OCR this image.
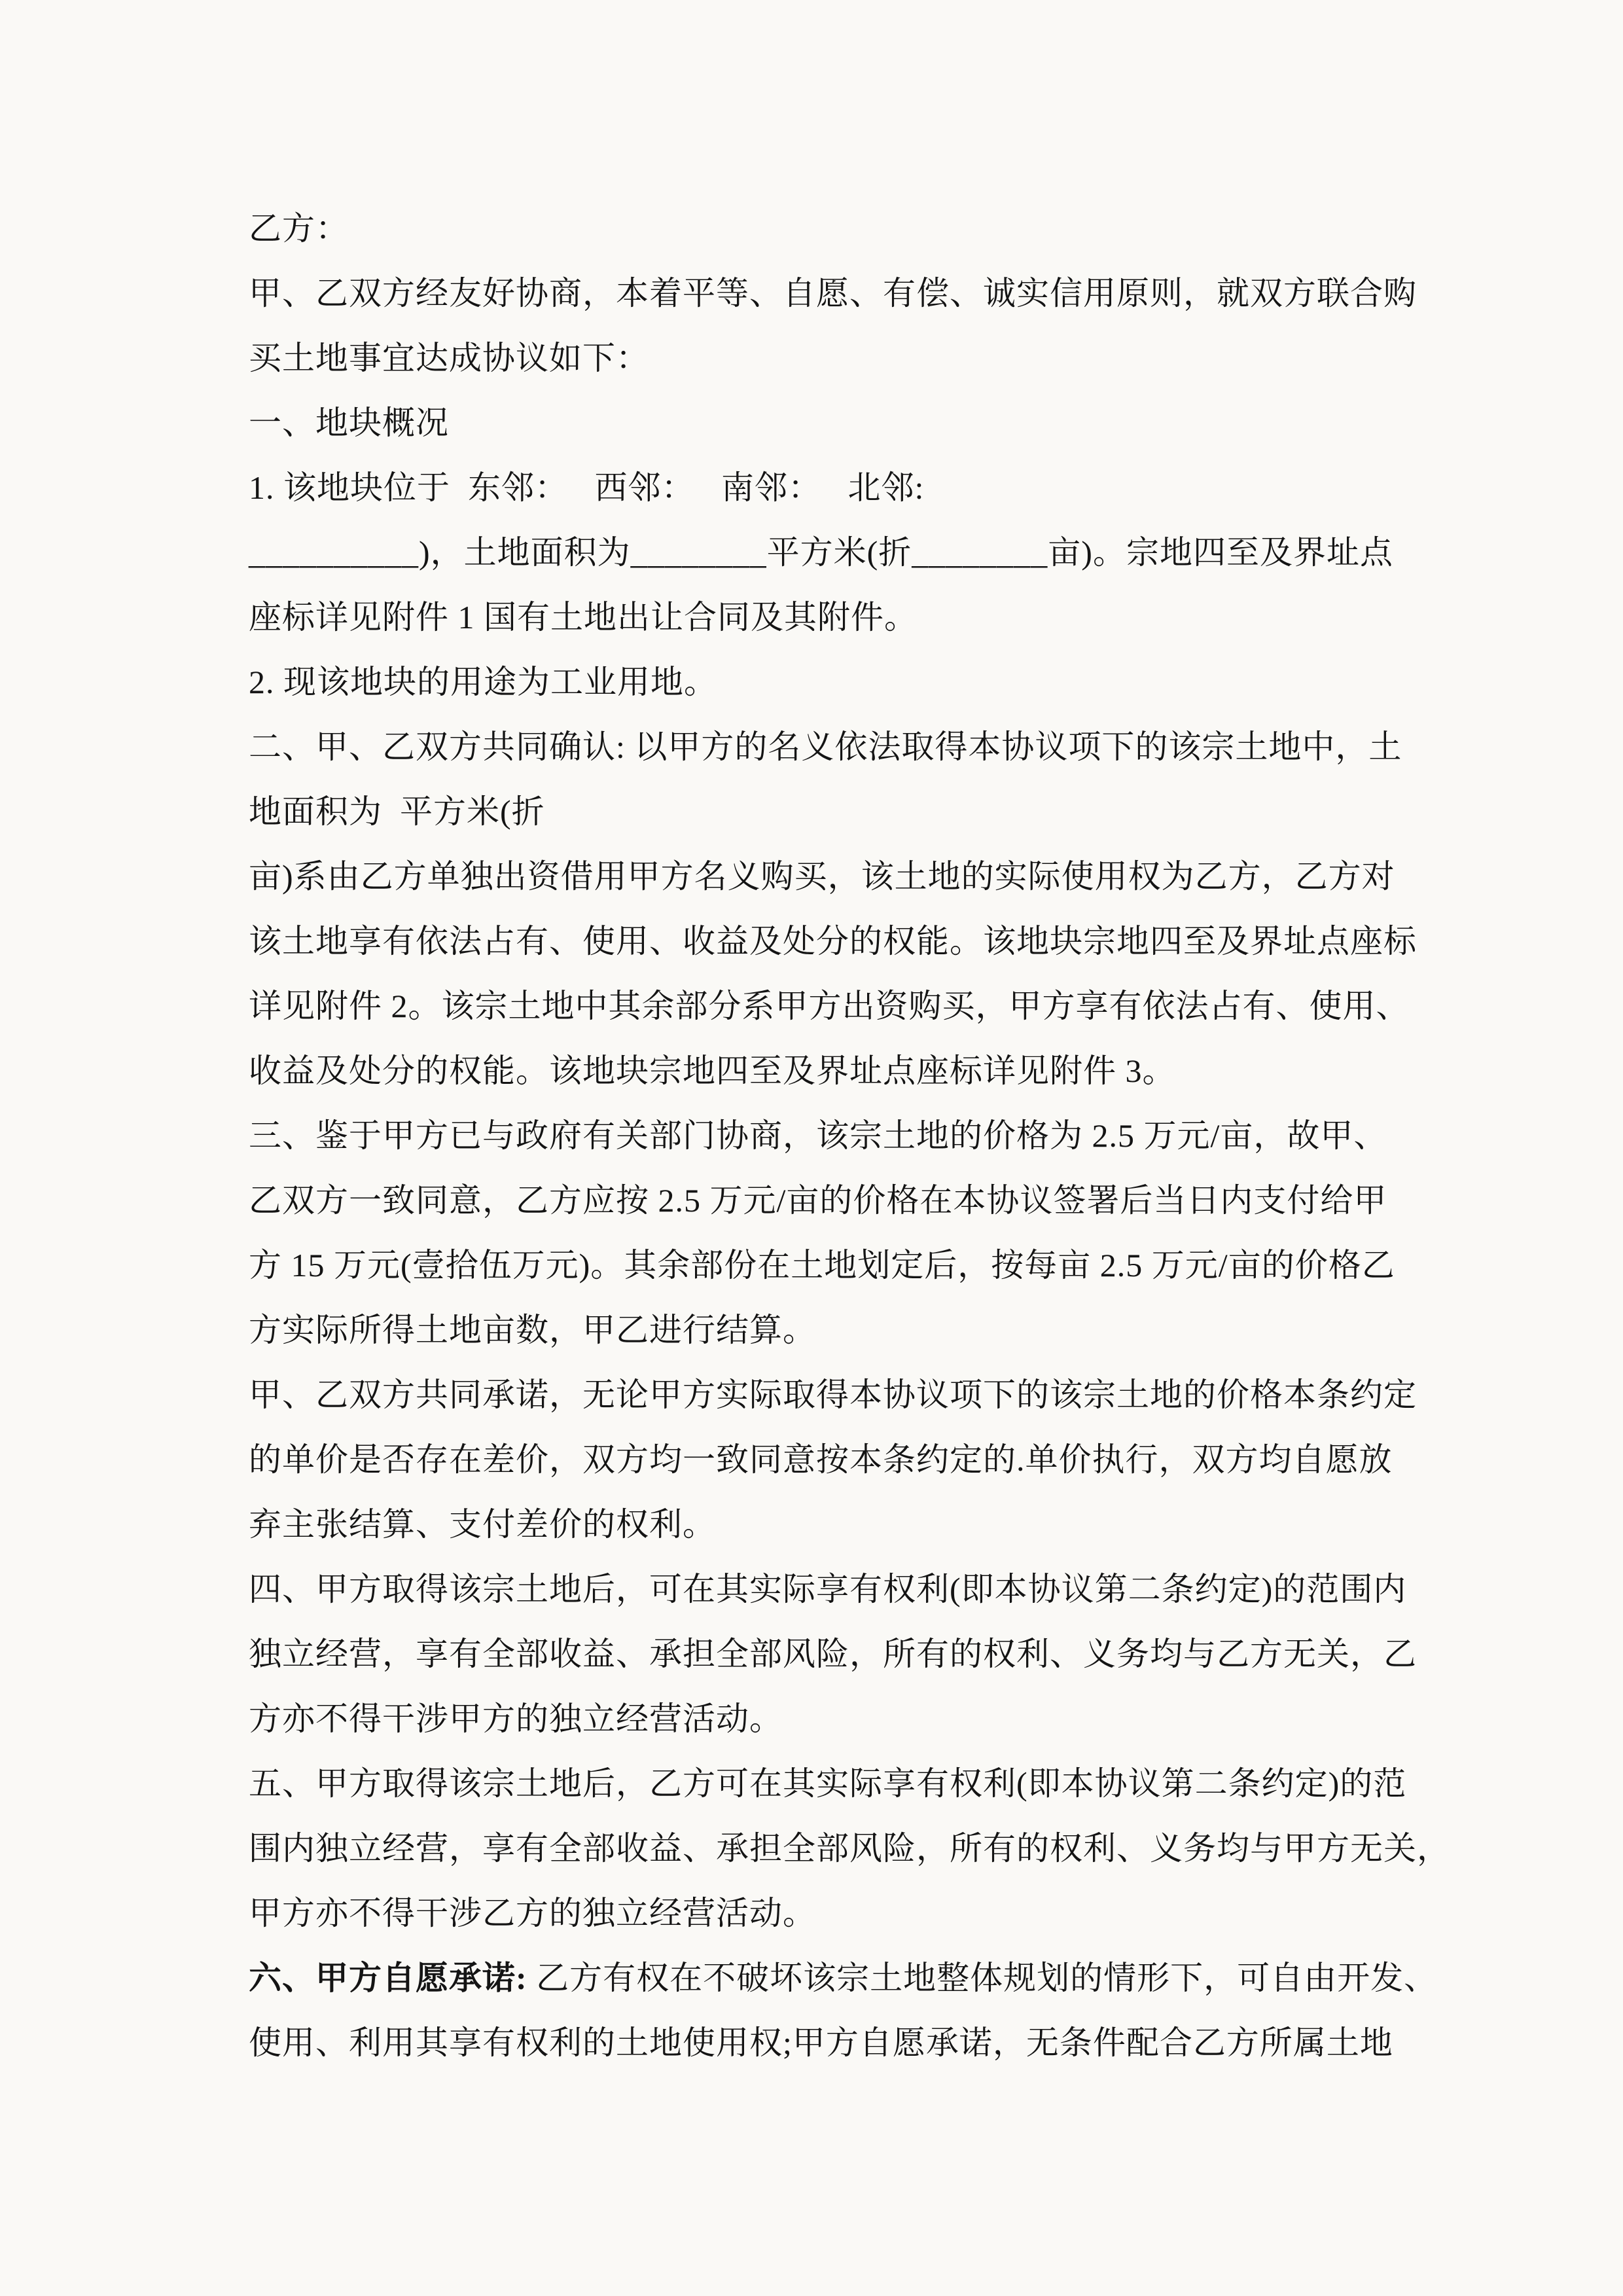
乙方：
甲、乙双方经友好协商，本着平等、自愿、有偿、诚实信用原则，就双方联合购
买土地事宜达成协议如下：
一、地块概况
1. 该地块位于  东邻：   西邻：   南邻：   北邻:
__________)，土地面积为________平方米(折________亩)。宗地四至及界址点
座标详见附件 1 国有土地出让合同及其附件。
2. 现该地块的用途为工业用地。
二、甲、乙双方共同确认: 以甲方的名义依法取得本协议项下的该宗土地中，土
地面积为  平方米(折
亩)系由乙方单独出资借用甲方名义购买，该土地的实际使用权为乙方，乙方对
该土地享有依法占有、使用、收益及处分的权能。该地块宗地四至及界址点座标
详见附件 2。该宗土地中其余部分系甲方出资购买，甲方享有依法占有、使用、
收益及处分的权能。该地块宗地四至及界址点座标详见附件 3。
三、鉴于甲方已与政府有关部门协商，该宗土地的价格为 2.5 万元/亩，故甲、
乙双方一致同意，乙方应按 2.5 万元/亩的价格在本协议签署后当日内支付给甲
方 15 万元(壹拾伍万元)。其余部份在土地划定后，按每亩 2.5 万元/亩的价格乙
方实际所得土地亩数，甲乙进行结算。
甲、乙双方共同承诺，无论甲方实际取得本协议项下的该宗土地的价格本条约定
的单价是否存在差价，双方均一致同意按本条约定的.单价执行，双方均自愿放
弃主张结算、支付差价的权利。
四、甲方取得该宗土地后，可在其实际享有权利(即本协议第二条约定)的范围内
独立经营，享有全部收益、承担全部风险，所有的权利、义务均与乙方无关，乙
方亦不得干涉甲方的独立经营活动。
五、甲方取得该宗土地后，乙方可在其实际享有权利(即本协议第二条约定)的范
围内独立经营，享有全部收益、承担全部风险，所有的权利、义务均与甲方无关，
甲方亦不得干涉乙方的独立经营活动。
六、甲方自愿承诺: 乙方有权在不破坏该宗土地整体规划的情形下，可自由开发、
使用、利用其享有权利的土地使用权;甲方自愿承诺，无条件配合乙方所属土地
